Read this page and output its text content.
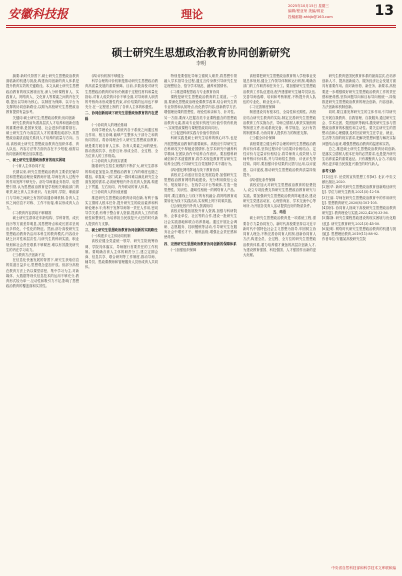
安徽科技报	理论
2025年10月15日 星期三
编辑/程亚荣 美编/蒋亚
投稿邮箱:ahkjb@163.com	13
硕士研究生思想政治教育协同创新研究
李明

摘要:新时代背景下,硕士研究生思想政治教育面临新的机遇与挑战,构建协同创新的育人体系是提升教育实效的关键路径。本文从硕士研究生思想政治教育的现实困境出发,深入分析课程育人、实践育人、网络育人、文化育人等要素之间的内在关联,提出以导师为核心、以制度为保障、以平台为支撑的协同创新路径,以期为高校研究生思想政治教育提供有益参考。

关键词:硕士研究生;思想政治教育;协同创新

研究生教育肩负着高层次人才培养和创新创造的重要使命,是国家发展、社会进步的重要基石。硕士研究生作为高层次人才的重要组成部分,其思想政治素质直接关系到人才培养的质量与方向。当前,高校硕士研究生思想政治教育在组织体系、育人队伍、内容方法等方面仍存在不少短板,亟需以协同创新的理念加以推进。

一、硕士研究生思想政治教育的现实困境

(一)育人主体协同不足

长期以来,研究生思想政治教育主要依托辅导员和思想政治理论课教师开展,导师在育人过程中的作用发挥不够充分。部分导师重业务指导、轻思想引领,认为思想政治教育是学校相关职能部门的职责,缺乏育人主体意识。与此同时,学院、职能部门与导师之间缺乏有效的沟通协调机制,各育人主体之间信息不对称、工作不衔接,难以形成育人合力。

(二)教育内容供给不够精准

硕士研究生群体在年龄结构、学科背景、成长经历等方面差异明显,其思想特点和成长需求呈现出多样化、个性化的特征。然而,部分高校研究生思想政治教育仍沿用本科生的教育模式,内容设计缺乏针对性和层次性,与研究生的科研实践、职业规划和社会责任联系不够紧密,难以有效激发研究生的内在学习动力。

(三)教育方法创新不足

在信息化快速发展的背景下,研究生获取信息的渠道日益多元,思想观念更加开放。但部分高校在教育方法上仍以课堂讲授、集中学习为主,对新媒体、大数据等现代信息技术的运用不够充分,教育形式较为单一,互动性和吸引力不足,影响了思想政治教育的覆盖面和实效性。

(四)评价机制不够健全

科学合理的评价机制是推动研究生思想政治教育高质量发展的重要保障。目前,多数高校对研究生思想政治教育的评价仍侧重于过程性材料和量化指标,对育人成效的评价不够全面,对导师育人职责的考核尚未形成刚性约束,评价结果的运用也不够充分,在一定程度上制约了各育人主体的积极性。

二、协同创新视域下研究生思想政治教育的内在逻辑

(一)协同育人的理论基础

协同学理论认为,系统内各子系统之间通过相互作用、相互协调,能够产生整体大于部分之和的协同效应。将协同理念引入研究生思想政治教育,就是要打破各育人主体、各育人要素之间的壁垒,推动资源共享、优势互补,形成全员、全过程、全方位育人的工作格局。

(二)协同育人的现实需要

随着研究生招生规模的不断扩大,研究生群体的构成更加复杂,思想政治教育工作的难度也随之增加。单靠某一部门或某一群体难以满足研究生全面发展的需求,必须统筹校内外各类育人资源,构建上下贯通、左右协同、内外联动的育人体系。

(三)协同育人的价值意蕴

推进研究生思想政治教育协同创新,有利于落实立德树人根本任务,提升研究生的政治素养和科研伦理水平;有利于发挥导师第一责任人作用,密切导学关系;有利于整合育人资源,提高育人工作的系统性和整体性,为培养担当民族复兴大任的时代新人提供有力支撑。

三、硕士研究生思想政治教育协同创新的实践路径

(一)构建多元主体协同机制

高校应健全党委统一领导、研究生院统筹协调、学院具体落实、导师履行首要责任的工作机制。要明确各育人主体的职责分工,建立定期会商、信息共享、联合研判等工作制度,推动导师、辅导员、思政课教师和管理服务人员形成育人共同体。

特别是要强化导师立德树人职责,将思想引领融入学术指导全过程,通过言传身教引导研究生坚定理想信念、恪守学术规范、涵养家国情怀。

(二)推进课程思政与专业教育协同

课程是研究生思想政治教育的主渠道。一方面,要深化思想政治理论课教学改革,结合研究生的专业背景和认知特点,优化教学内容,创新教学方法,增强理论课的思想性、理论性和亲和力、针对性。另一方面,要深入挖掘各类专业课程蕴含的思想政治教育元素,推动专业知识传授与价值引领有机统一,实现思政课程与课程思政同向同行。

(三)促进科研实践与价值引领协同

科研实践是硕士研究生培养的核心环节,也是开展思想政治教育的重要载体。高校应引导研究生在科研攻关中厚植爱国情怀,在学术研究中涵养科学精神,在团队协作中培养合作意识。要加强科研诚信和学术道德教育,将学术规范教育贯穿研究生培养全过程,引导研究生自觉抵制学术不端行为。

(四)强化网络阵地与线下教育协同

高校应主动适应信息化发展趋势,加强研究生思想政治教育网络阵地建设。充分利用微信公众号、短视频平台、在线学习平台等载体,打造一批思想性、知识性、趣味性相统一的网络育人产品。同时,要注重线上与线下的有机融合,将网络教育成果转化为线下实践活动,实现网上网下同频共振。

(五)深化校内外育人资源协同

高校应积极拓展校外育人资源,加强与科研院所、企事业单位、社区等的合作,建设一批研究生社会实践基地和联合培养基地。通过开展社会调研、志愿服务、挂职锻炼等活动,引导研究生在服务社会中增长才干、锤炼品格,增强社会责任感和使命感。

四、完善研究生思想政治教育协同创新的保障体系

(一)加强组织保障

高校要把研究生思想政治教育纳入学校事业发展总体规划,健全工作领导体制和运行机制,明确各部门的工作职责和任务分工。要加强研究生思想政治教育工作队伍建设,配齐建强研究生辅导员队伍,完善导师选聘、培训和考核制度,不断提升育人队伍的专业化、职业化水平。

(二)完善制度保障

制度建设具有根本性、全局性和长期性。高校应结合研究生教育的实际,制定完善研究生思想政治教育工作实施办法、导师立德树人职责实施细则等制度文件,形成系统完备、科学规范、运行有效的制度体系,为协同育人提供有力的制度支撑。

(三)健全评价保障

高校要建立健全科学合理的研究生思想政治教育评价体系,坚持过程评价与结果评价相结合、定性评价与定量评价相结合,将导师育人成效纳入导师考核评价体系,并与导师招生资格、评优评先等挂钩。同时,要加强评价结果的反馈与运用,以评促建、以评促改,推动研究生思想政治教育质量持续提升。

(四)强化条件保障

高校应加大对研究生思想政治教育的经费投入,设立专项经费支持研究生思想政治教育研究与实践。要加强研究生思想政治教育阵地建设,建设研究生党建活动室、心理咨询室、学术交流中心等场所,为开展各类育人活动提供良好的物质条件。

五、结语

硕士研究生思想政治教育是一项系统工程,需要各方力量协同发力。新时代高校要坚持以习近平新时代中国特色社会主义思想为指导,牢固树立协同育人理念,不断完善协同育人机制,创新协同育人方法,构建全员、全过程、全方位的研究生思想政治教育体系,着力培养德才兼备的高层次创新人才,为建设教育强国、科技强国、人才强国作出新的更大贡献。

研究生教育是国民教育体系的最高层次,在培养创新人才、提高创新能力、服务经济社会发展方面具有重要作用。面对新形势、新任务、新要求,高校要进一步增强做好研究生思想政治教育工作的责任感和使命感,坚持问题导向和目标导向相统一,持续推进研究生思想政治教育的理念创新、内容创新、方法创新和机制创新。

同时,要注重发挥研究生的主体作用,引导研究生开展自我教育、自我管理、自我服务,通过研究生会、学术社团、党团组织等载体,激发研究生参与思想政治教育的积极性和主动性。要关注研究生的思想动态和心理健康,及时回应研究生在学业、就业、生活等方面的现实需求,把解决思想问题与解决实际问题结合起来,增强思想政治教育的温度和实效。

总之,推进硕士研究生思想政治教育协同创新,是落实立德树人根本任务的必然要求,也是提升研究生培养质量的重要途径。只有凝聚育人合力,才能培养出更多堪当民族复兴重任的时代新人。

参考文献:

[1]习近平. 论党的宣传思想工作[M]. 北京:中央文献出版社,2020.

[2]张华. 新时代研究生思想政治教育创新路径研究[J]. 学位与研究生教育,2021(5):12-18.

[3]王丽. 导师在研究生思想政治教育中的作用研究[J]. 思想教育研究,2020(8):101-105.

[4]刘伟. 协同育人视域下高校研究生思想政治教育研究[J]. 教育理论与实践,2022,42(9):33-36.

[5]陈静. 研究生课程思政建设的现实困境与优化路径[J]. 研究生教育研究,2021(3):45-50.

[6]赵明. 网络时代研究生思想政治教育的机遇与挑战[J]. 思想理论教育,2019(11):88-92.

作者单位:安徽某高校研究生院

中央省自然科技部和科学技术文库联和编
